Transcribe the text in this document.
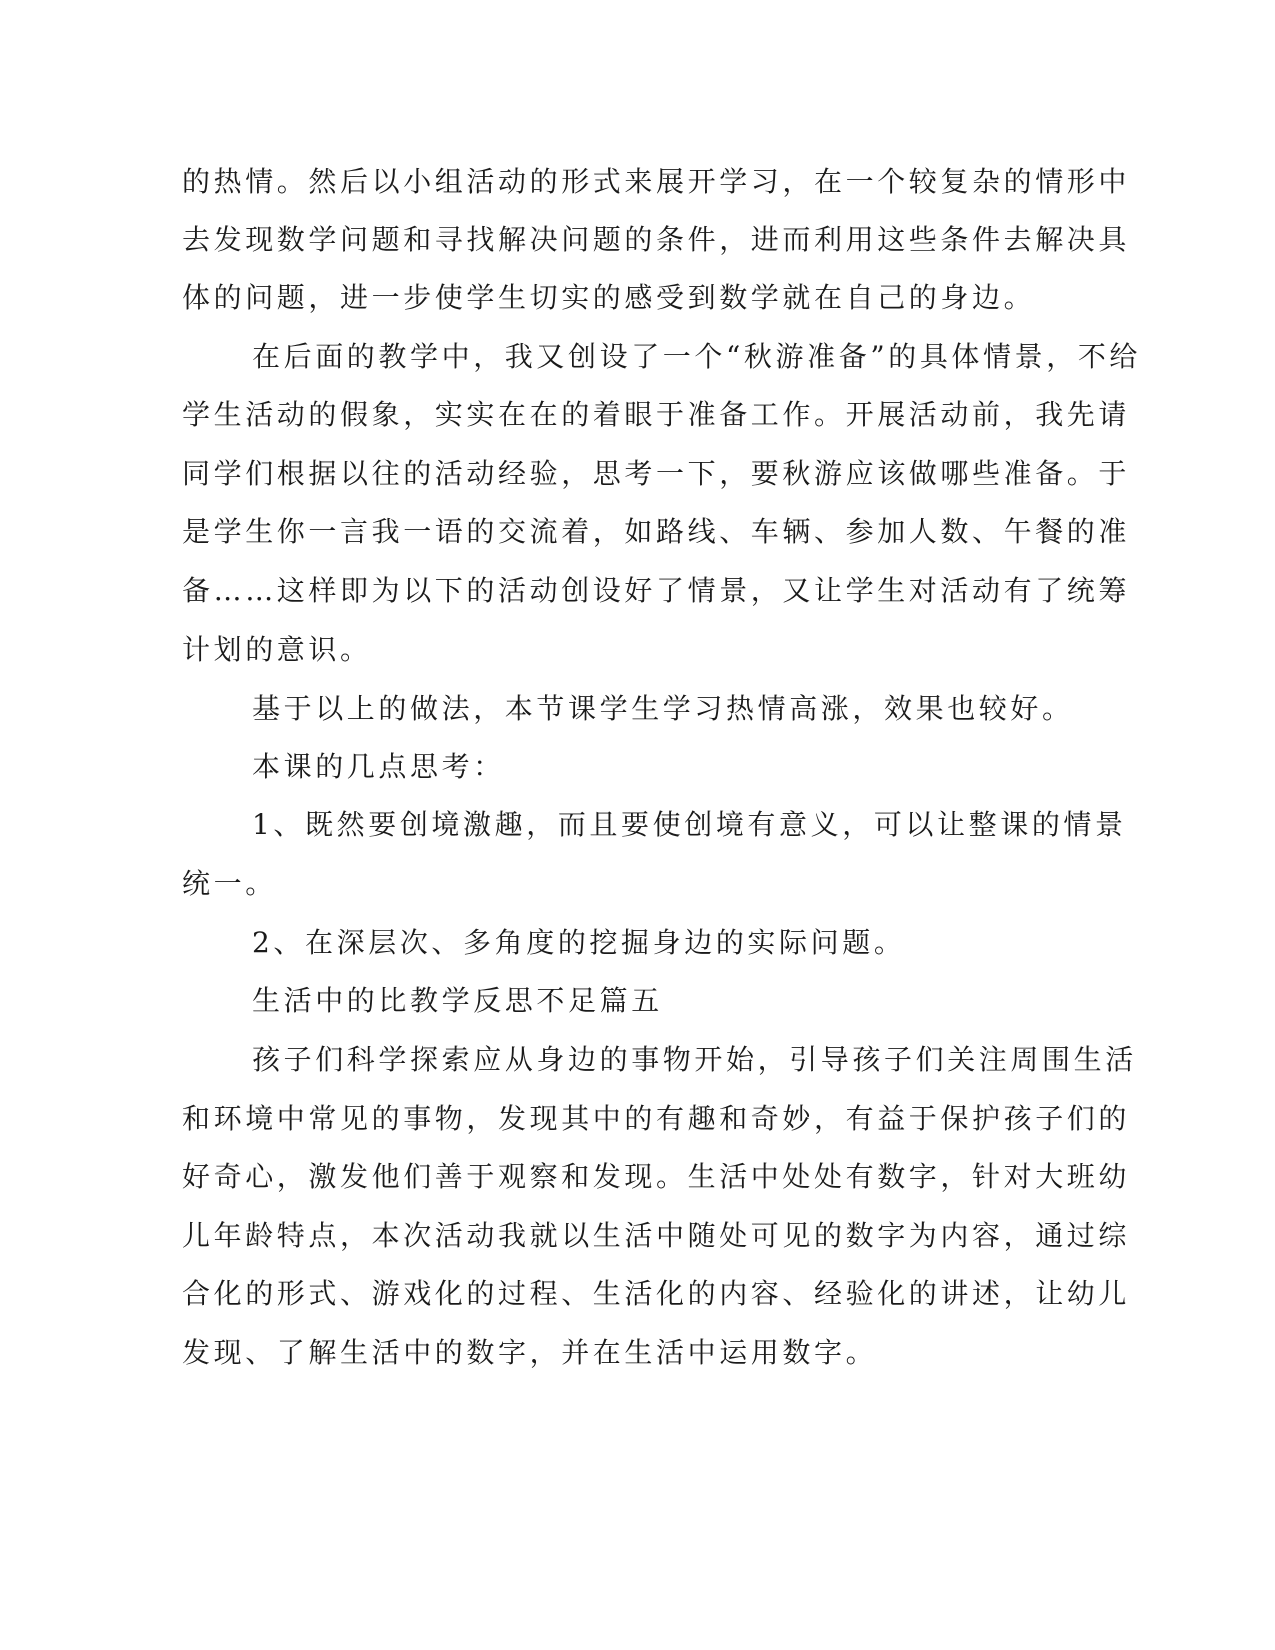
的热情。然后以小组活动的形式来展开学习，在一个较复杂的情形中
去发现数学问题和寻找解决问题的条件，进而利用这些条件去解决具
体的问题，进一步使学生切实的感受到数学就在自己的身边。
在后面的教学中，我又创设了一个“秋游准备”的具体情景，不给
学生活动的假象，实实在在的着眼于准备工作。开展活动前，我先请
同学们根据以往的活动经验，思考一下，要秋游应该做哪些准备。于
是学生你一言我一语的交流着，如路线、车辆、参加人数、午餐的准
备……这样即为以下的活动创设好了情景，又让学生对活动有了统筹
计划的意识。
基于以上的做法，本节课学生学习热情高涨，效果也较好。
本课的几点思考：
1、既然要创境激趣，而且要使创境有意义，可以让整课的情景
统一。
2、在深层次、多角度的挖掘身边的实际问题。
生活中的比教学反思不足篇五
孩子们科学探索应从身边的事物开始，引导孩子们关注周围生活
和环境中常见的事物，发现其中的有趣和奇妙，有益于保护孩子们的
好奇心，激发他们善于观察和发现。生活中处处有数字，针对大班幼
儿年龄特点，本次活动我就以生活中随处可见的数字为内容，通过综
合化的形式、游戏化的过程、生活化的内容、经验化的讲述，让幼儿
发现、了解生活中的数字，并在生活中运用数字。
